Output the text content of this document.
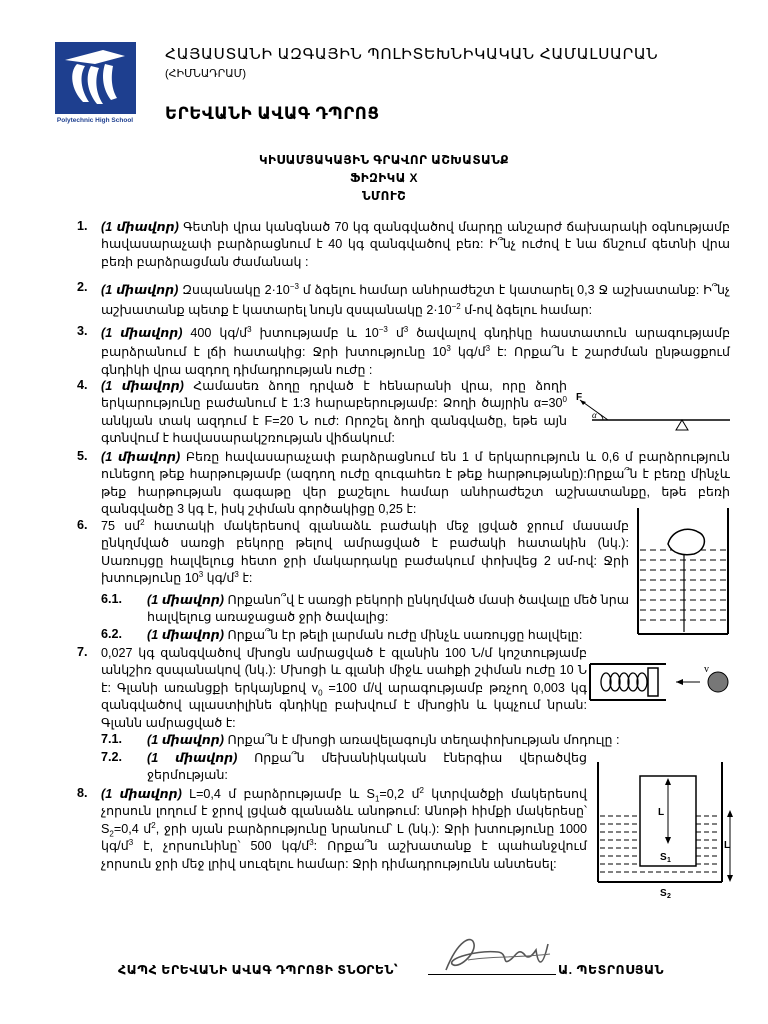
Polytechnic High School
ՀԱՅԱՍՏԱՆԻ ԱԶԳԱՅԻՆ ՊՈԼԻՏԵԽՆԻԿԱԿԱՆ ՀԱՄԱԼՍԱՐԱՆ
(ՀԻՄՆԱԴՐԱՄ)
ԵՐԵՎԱՆԻ ԱՎԱԳ ԴՊՐՈՑ
ԿԻՍԱՄՅԱԿԱՅԻՆ ԳՐԱՎՈՐ ԱՇԽԱՏԱՆՔ
ՖԻԶԻԿԱ X
ՆՄՈՒՇ
1. (1 միավոր) Գետնի վրա կանգնած 70 կգ զանգվածով մարդը անշարժ ճախարակի օգնությամբ հավասարաչափ բարձրացնում է 40 կգ զանգվածով բեռ: Ի՞նչ ուժով է նա ճնշում գետնի վրա բեռի բարձրացման ժամանակ :
2. (1 միավոր) Զսպանակը $2\cdot 10^{-3}$ մ ձգելու համար անհրաժեշտ է կատարել 0,3 Ջ աշխատանք: Ի՞նչ աշխատանք պետք է կատարել նույն զսպանակը $2\cdot 10^{-2}$ մ-ով ձգելու համար:
3. (1 միավոր) 400 կգ/մ$^3$ խտությամբ և $10^{-3}$ մ$^3$ ծավալով գնդիկը հաստատուն արագությամբ բարձրանում է լճի հատակից: Ջրի խտությունը $10^3$ կգ/մ$^3$ է: Որքա՞ն է շարժման ընթացքում գնդիկի վրա ազդող դիմադրության ուժը :
4. (1 միավոր) Համասեռ ձողը դրված է հենարանի վրա, որը ձողի երկարությունը բաժանում է 1:3 հարաբերությամբ: Ձողի ծայրին $\alpha=30^0$ անկյան տակ ազդում է F=20 Ն ուժ: Որոշել ձողի զանգվածը, եթե այն գտնվում է հավասարակշռության վիճակում:
F
α
5. (1 միավոր) Բեռը հավասարաչափ բարձրացնում են 1 մ երկարություն և 0,6 մ բարձրություն ունեցող թեք հարթությամբ (ազդող ուժը զուգահեռ է թեք հարթությանը):Որքա՞ն է բեռը մինչև թեք հարթության գագաթը վեր քաշելու համար անհրաժեշտ աշխատանքը, եթե բեռի զանգվածը 3 կգ է, իսկ շփման գործակիցը 0,25 է:
6. 75 սմ$^2$ հատակի մակերեսով գլանաձև բաժակի մեջ լցված ջրում մասամբ ընկղմված սառցի բեկորը թելով ամրացված է բաժակի հատակին (նկ.): Սառույցը հալվելուց հետո ջրի մակարդակը բաժակում փոխվեց 2 սմ-ով: Ջրի խտությունը $10^3$ կգ/մ$^3$ է:
6.1. (1 միավոր) Որքանո՞վ է սառցի բեկորի ընկղմված մասի ծավալը մեծ նրա հալվելուց առաջացած ջրի ծավալից:
6.2. (1 միավոր) Որքա՞ն էր թելի լարման ուժը մինչև սառույցը հալվելը:
7. 0,027 կգ զանգվածով մխոցն ամրացված է գլանին 100 Ն/մ կոշտությամբ անկշիռ զսպանակով (նկ.): Մխոցի և գլանի միջև սահքի շփման ուժը 10 Ն է: Գլանի առանցքի երկայնքով $v_0 =100$ մ/վ արագությամբ թռչող 0,003 կգ զանգվածով պլաստիլինե գնդիկը բախվում է մխոցին և կպչում նրան: Գլանն ամրացված է:
v
7.1. (1 միավոր) Որքա՞ն է մխոցի առավելագույն տեղափոխության մոդուլը :
7.2. (1 միավոր) Որքա՞ն մեխանիկական էներգիա վերածվեց ջերմության:
8. (1 միավոր) L=0,4 մ բարձրությամբ և $S_1=0,2$ մ$^2$ կտրվածքի մակերեսով չորսուն լողում է ջրով լցված գլանաձև անոթում: Անոթի հիմքի մակերեսը՝ $S_2=0,4$ մ$^2$, ջրի սյան բարձրությունը նրանում՝ L (նկ.): Ջրի խտությունը 1000 կգ/մ$^3$ է, չորսունինը՝ 500 կգ/մ$^3$: Որքա՞ն աշխատանք է պահանջվում չորսուն ջրի մեջ լրիվ սուզելու համար: Ջրի դիմադրությունն անտեսել:
L
S 1
L
S 2
ՀԱՊՀ ԵՐԵՎԱՆԻ ԱՎԱԳ ԴՊՐՈՑԻ ՏՆՕՐԵՆ՝	Ա. ՊԵՏՐՈՍՅԱՆ
